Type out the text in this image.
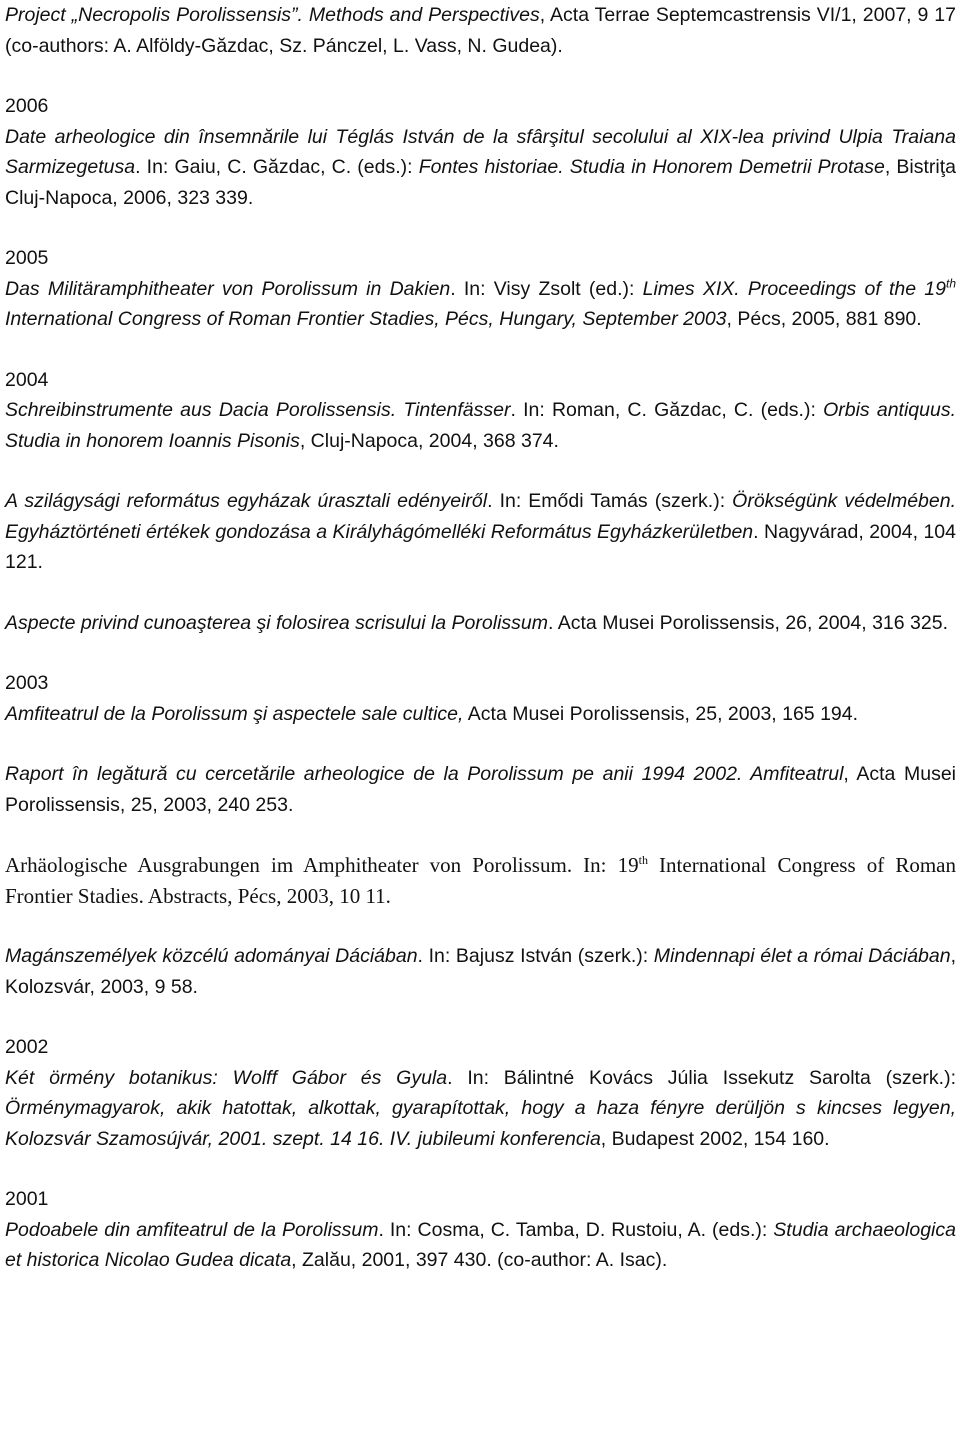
Project „Necropolis Porolissensis”. Methods and Perspectives, Acta Terrae Septemcastrensis VI/1, 2007, 9 17 (co-authors: A. Alföldy-Găzdac, Sz. Pánczel, L. Vass, N. Gudea).

2006

Date arheologice din însemnările lui Téglás István de la sfârşitul secolului al XIX-lea privind Ulpia Traiana Sarmizegetusa. In: Gaiu, C. Găzdac, C. (eds.): Fontes historiae. Studia in Honorem Demetrii Protase, Bistriţa Cluj-Napoca, 2006, 323 339.

2005

Das Militäramphitheater von Porolissum in Dakien. In: Visy Zsolt (ed.): Limes XIX. Proceedings of the 19th International Congress of Roman Frontier Stadies, Pécs, Hungary, September 2003, Pécs, 2005, 881 890.

2004

Schreibinstrumente aus Dacia Porolissensis. Tintenfässer. In: Roman, C. Găzdac, C. (eds.): Orbis antiquus. Studia in honorem Ioannis Pisonis, Cluj-Napoca, 2004, 368 374.

A szilágysági református egyházak úrasztali edényeiről. In: Emődi Tamás (szerk.): Örökségünk védelmében. Egyháztörténeti értékek gondozása a Királyhágómelléki Református Egyházkerületben. Nagyvárad, 2004, 104 121.

Aspecte privind cunoaşterea şi folosirea scrisului la Porolissum. Acta Musei Porolissensis, 26, 2004, 316 325.

2003

Amfiteatrul de la Porolissum şi aspectele sale cultice, Acta Musei Porolissensis, 25, 2003, 165 194.

Raport în legătură cu cercetările arheologice de la Porolissum pe anii 1994 2002. Amfiteatrul, Acta Musei Porolissensis, 25, 2003, 240 253.

Arhäologische Ausgrabungen im Amphitheater von Porolissum. In: 19th International Congress of Roman Frontier Stadies. Abstracts, Pécs, 2003, 10 11.

Magánszemélyek közcélú adományai Dáciában. In: Bajusz István (szerk.): Mindennapi élet a római Dáciában, Kolozsvár, 2003, 9 58.

2002

Két örmény botanikus: Wolff Gábor és Gyula. In: Bálintné Kovács Júlia Issekutz Sarolta (szerk.): Örménymagyarok, akik hatottak, alkottak, gyarapítottak, hogy a haza fényre derüljön s kincses legyen, Kolozsvár Szamosújvár, 2001. szept. 14 16. IV. jubileumi konferencia, Budapest 2002, 154 160.

2001

Podoabele din amfiteatrul de la Porolissum. In: Cosma, C. Tamba, D. Rustoiu, A. (eds.): Studia archaeologica et historica Nicolao Gudea dicata, Zalău, 2001, 397 430. (co-author: A. Isac).
